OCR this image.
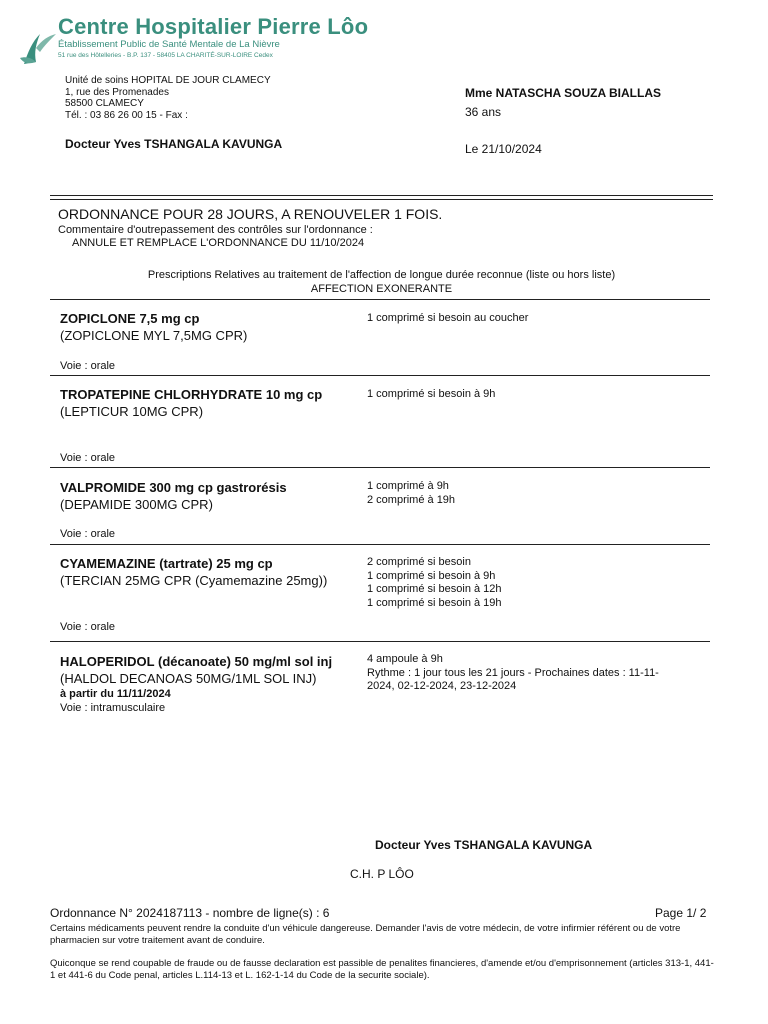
Centre Hospitalier Pierre Lôo
Établissement Public de Santé Mentale de La Nièvre
51 rue des Hôtelleries - B.P. 137 - 58405 LA CHARITÉ-SUR-LOIRE Cedex
Unité de soins HOPITAL DE JOUR CLAMECY
1, rue des Promenades
58500 CLAMECY
Tél. : 03 86 26 00 15 - Fax :
Docteur Yves TSHANGALA KAVUNGA
Mme NATASCHA SOUZA BIALLAS
36 ans
Le 21/10/2024
ORDONNANCE POUR 28 JOURS, A RENOUVELER 1 FOIS.
Commentaire d'outrepassement des contrôles sur l'ordonnance :
ANNULE ET REMPLACE L'ORDONNANCE DU 11/10/2024
Prescriptions Relatives au traitement de l'affection de longue durée reconnue (liste ou hors liste)
AFFECTION EXONERANTE
ZOPICLONE 7,5 mg cp
(ZOPICLONE MYL 7,5MG CPR)
Voie : orale
1 comprimé si besoin au coucher
TROPATEPINE CHLORHYDRATE 10 mg cp
(LEPTICUR 10MG CPR)
Voie : orale
1 comprimé si besoin à 9h
VALPROMIDE 300 mg cp gastrorésis
(DEPAMIDE 300MG CPR)
Voie : orale
1 comprimé à 9h
2 comprimé à 19h
CYAMEMAZINE (tartrate) 25 mg cp
(TERCIAN 25MG CPR (Cyamemazine 25mg))
Voie : orale
2 comprimé si besoin
1 comprimé si besoin à 9h
1 comprimé si besoin à 12h
1 comprimé si besoin à 19h
HALOPERIDOL (décanoate) 50 mg/ml sol inj
(HALDOL DECANOAS 50MG/1ML SOL INJ)
à partir du 11/11/2024
Voie : intramusculaire
4 ampoule à 9h
Rythme : 1 jour tous les 21 jours - Prochaines dates : 11-11-2024, 02-12-2024, 23-12-2024
Docteur Yves TSHANGALA KAVUNGA
C.H. P LÔO
Ordonnance N° 2024187113 - nombre de ligne(s) : 6	Page 1/ 2
Certains médicaments peuvent rendre la conduite d'un véhicule dangereuse. Demander l'avis de votre médecin, de votre infirmier référent ou de votre pharmacien sur votre traitement avant de conduire.
Quiconque se rend coupable de fraude ou de fausse declaration est passible de penalites financieres, d'amende et/ou d'emprisonnement (articles 313-1, 441-1 et 441-6 du Code penal, articles L.114-13 et L. 162-1-14 du Code de la securite sociale).
